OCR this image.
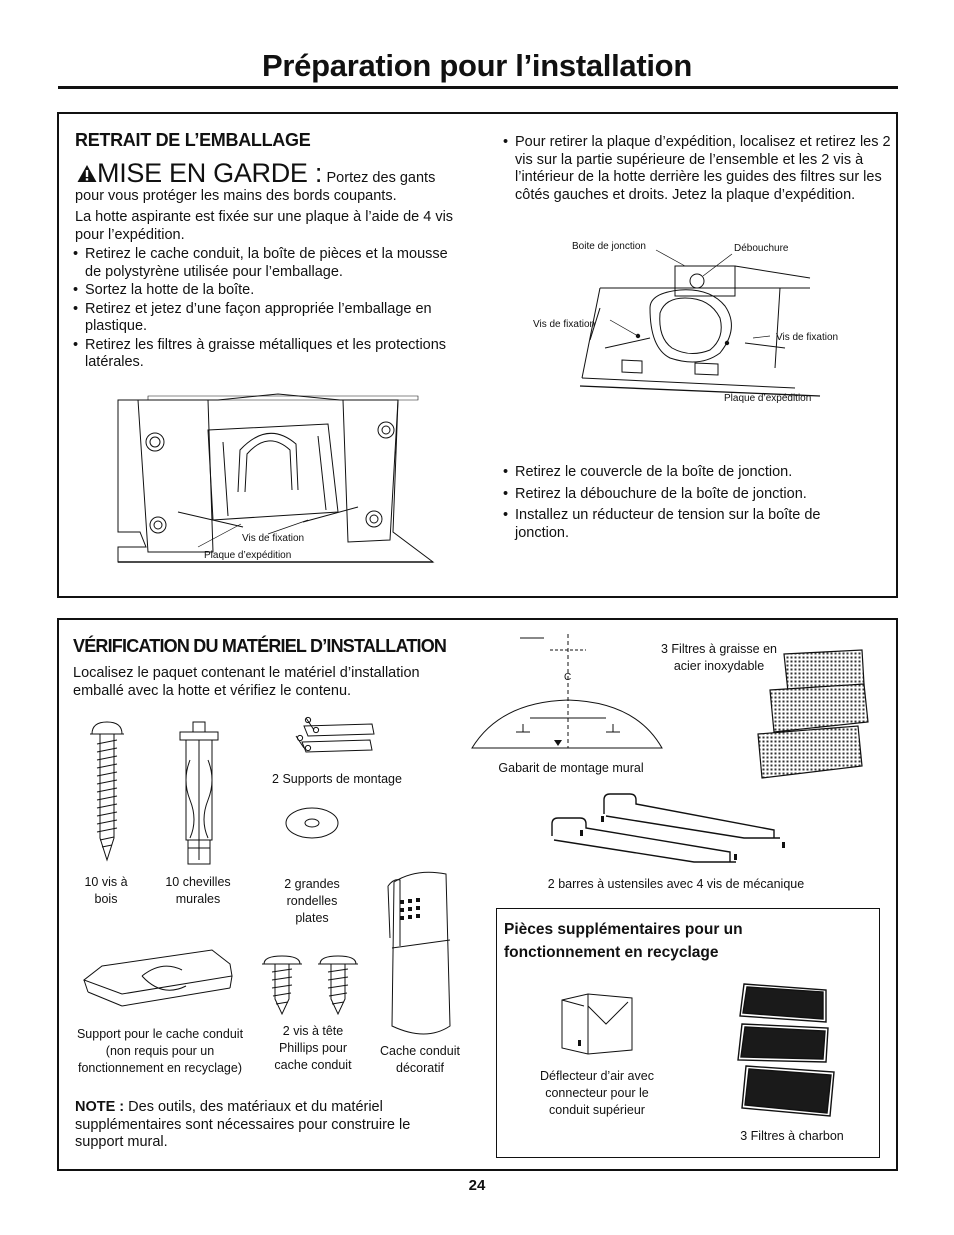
Préparation pour l’installation
RETRAIT DE L’EMBALLAGE
MISE EN GARDE : Portez des gants
pour vous protéger les mains des bords coupants.
La hotte aspirante est fixée sur une plaque à l’aide de 4 vis pour l’expédition.
• Retirez le cache conduit, la boîte de pièces et la mousse de polystyrène utilisée pour l’emballage.
• Sortez la hotte de la boîte.
• Retirez et jetez d’une façon appropriée l’emballage en plastique.
• Retirez les filtres à graisse métalliques et les protections latérales.
Vis de fixation
Plaque d’expédition
• Pour retirer la plaque d’expédition, localisez et retirez les 2 vis sur la partie supérieure de l’ensemble et les 2 vis à l’intérieur de la hotte derrière les guides des filtres sur les côtés gauches et droits. Jetez la plaque d’expédition.
Boite de jonction	Débouchure
Vis de fixation
Vis de fixation
Plaque d’expédition
• Retirez le couvercle de la boîte de jonction.
• Retirez la débouchure de la boîte de jonction.
• Installez un réducteur de tension sur la boîte de jonction.
VÉRIFICATION DU MATÉRIEL D’INSTALLATION
Localisez le paquet contenant le matériel d’installation emballé avec la hotte et vérifiez le contenu.
10 vis à bois
10 chevilles murales
2 Supports de montage
2 grandes rondelles plates
Support pour le cache conduit (non requis pour un fonctionnement en recyclage)
2 vis à tête Phillips pour cache conduit
Cache conduit décoratif
C
Gabarit de montage mural
3 Filtres à graisse en acier inoxydable
2 barres à ustensiles avec 4 vis de mécanique
NOTE : Des outils, des matériaux et du matériel supplémentaires sont nécessaires pour construire le support mural.
Pièces supplémentaires pour un fonctionnement en recyclage
Déflecteur d’air avec connecteur pour le conduit supérieur
3 Filtres à charbon
24
